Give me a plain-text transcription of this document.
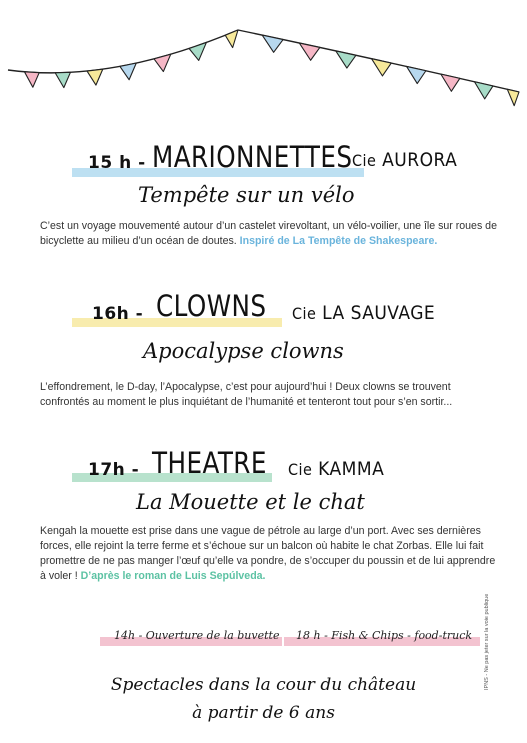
15 h - MARIONNETTES Cie AURORA
Tempête sur un vélo

C’est un voyage mouvementé autour d’un castelet virevoltant, un vélo-voilier, une île sur roues de bicyclette au milieu d’un océan de doutes. Inspiré de La Tempête de Shakespeare.

16h - CLOWNS Cie LA SAUVAGE
Apocalypse clowns

L’effondrement, le D-day, l’Apocalypse, c’est pour aujourd’hui ! Deux clowns se trouvent confrontés au moment le plus inquiétant de l’humanité et tenteront tout pour s’en sortir...

17h - THEATRE Cie KAMMA
La Mouette et le chat

Kengah la mouette est prise dans une vague de pétrole au large d’un port. Avec ses dernières forces, elle rejoint la terre ferme et s’échoue sur un balcon où habite le chat Zorbas. Elle lui fait promettre de ne pas manger l’œuf qu’elle va pondre, de s’occuper du poussin et de lui apprendre à voler ! D’après le roman de Luis Sepúlveda.

14h - Ouverture de la buvette 18 h - Fish & Chips - food-truck
Spectacles dans la cour du château
à partir de 6 ans
IPNS - Ne pas jeter sur la voie publique
